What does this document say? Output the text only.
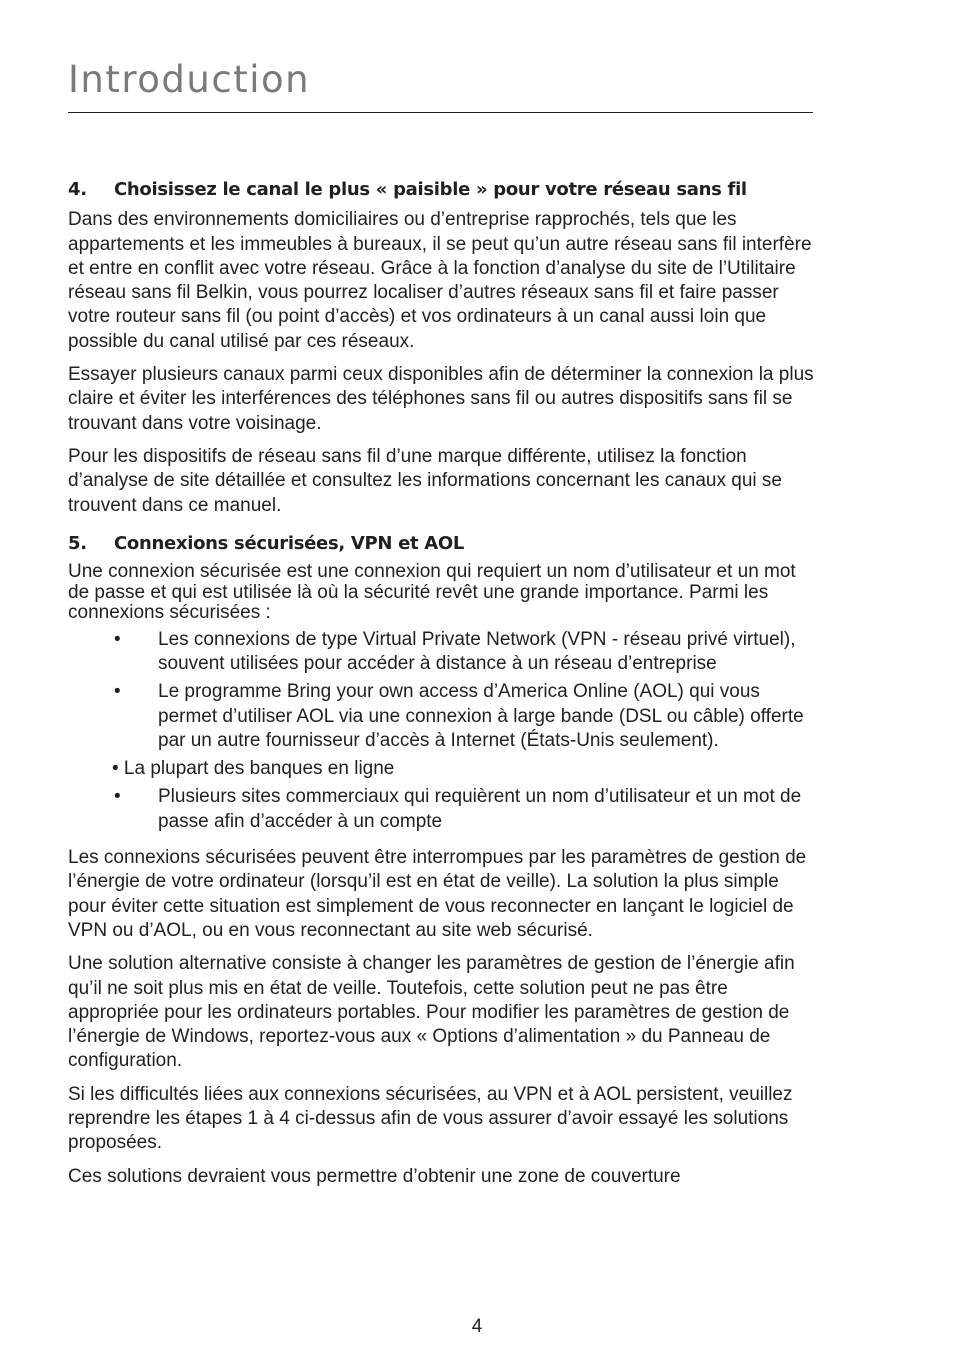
Introduction
4.	Choisissez le canal le plus « paisible » pour votre réseau sans fil

Dans des environnements domiciliaires ou d’entreprise rapprochés, tels que les appartements et les immeubles à bureaux, il se peut qu’un autre réseau sans fil interfère et entre en conflit avec votre réseau. Grâce à la fonction d’analyse du site de l’Utilitaire réseau sans fil Belkin, vous pourrez localiser d’autres réseaux sans fil et faire passer votre routeur sans fil (ou point d’accès) et vos ordinateurs à un canal aussi loin que possible du canal utilisé par ces réseaux.

Essayer plusieurs canaux parmi ceux disponibles afin de déterminer la connexion la plus claire et éviter les interférences des téléphones sans fil ou autres dispositifs sans fil se trouvant dans votre voisinage.

Pour les dispositifs de réseau sans fil d’une marque différente, utilisez la fonction d’analyse de site détaillée et consultez les informations concernant les canaux qui se trouvent dans ce manuel.

5.	Connexions sécurisées, VPN et AOL

Une connexion sécurisée est une connexion qui requiert un nom d’utilisateur et un mot de passe et qui est utilisée là où la sécurité revêt une grande importance. Parmi les connexions sécurisées :

•	Les connexions de type Virtual Private Network (VPN - réseau privé virtuel), souvent utilisées pour accéder à distance à un réseau d’entreprise
•	Le programme Bring your own access d’America Online (AOL) qui vous permet d’utiliser AOL via une connexion à large bande (DSL ou câble) offerte par un autre fournisseur d’accès à Internet (États-Unis seulement).
• La plupart des banques en ligne
•	Plusieurs sites commerciaux qui requièrent un nom d’utilisateur et un mot de passe afin d’accéder à un compte

Les connexions sécurisées peuvent être interrompues par les paramètres de gestion de l’énergie de votre ordinateur (lorsqu’il est en état de veille). La solution la plus simple pour éviter cette situation est simplement de vous reconnecter en lançant le logiciel de VPN ou d’AOL, ou en vous reconnectant au site web sécurisé.

Une solution alternative consiste à changer les paramètres de gestion de l’énergie afin qu’il ne soit plus mis en état de veille. Toutefois, cette solution peut ne pas être appropriée pour les ordinateurs portables. Pour modifier les paramètres de gestion de l’énergie de Windows, reportez-vous aux « Options d’alimentation » du Panneau de configuration.

Si les difficultés liées aux connexions sécurisées, au VPN et à AOL persistent, veuillez reprendre les étapes 1 à 4 ci-dessus afin de vous assurer d’avoir essayé les solutions proposées.

Ces solutions devraient vous permettre d’obtenir une zone de couverture

4
